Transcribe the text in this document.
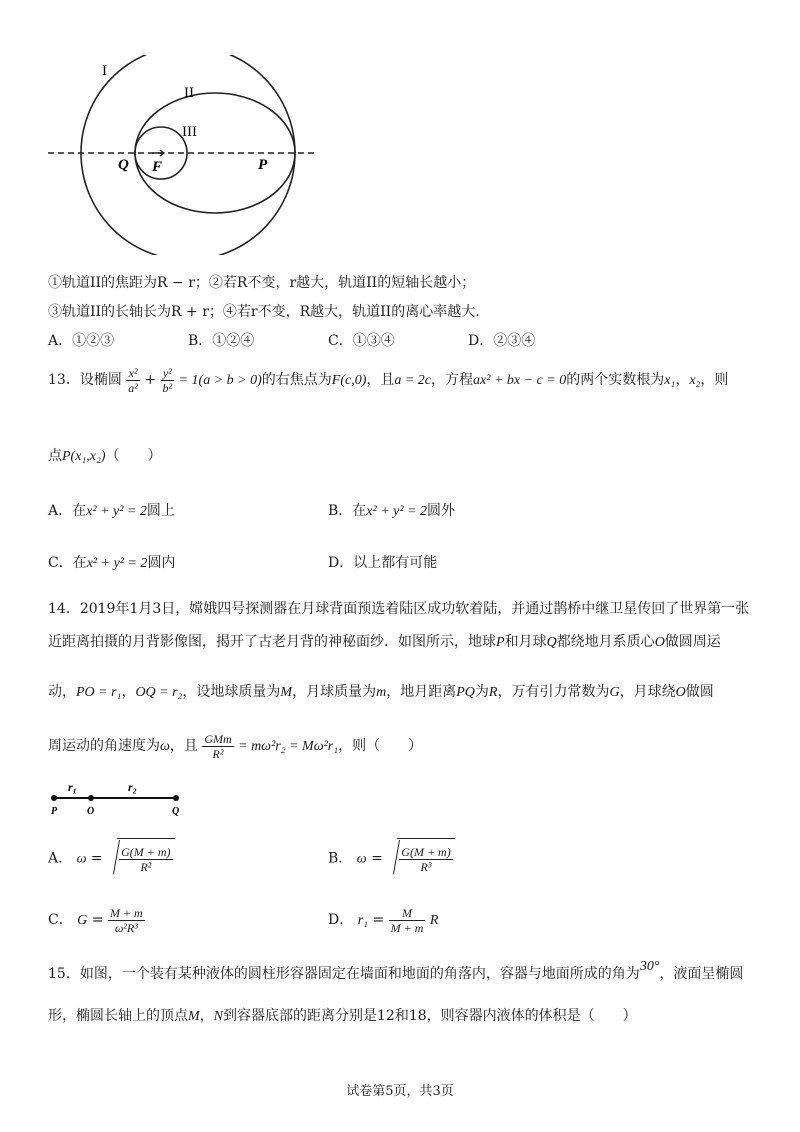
I
II
III
Q F	P
①轨道II的焦距为R − r；②若R不变，r越大，轨道II的短轴长越小；
③轨道II的长轴长为R + r；④若r不变，R越大，轨道II的离心率越大.
A．①②③	B．①②④	C．①③④	D．②③④
13．设椭圆 $\frac{\text{x²}}{\text{a²}} + \frac{\text{y²}}{\text{b²}} = 1(a > b > 0)$的右焦点为F(c,0)，且a = 2c，方程ax² + bx − c = 0的两个实数根为x₁，x₂，则
点P(x₁,x₂)（　　）
A．在x² + y² = 2圆上	B．在x² + y² = 2圆外
C．在x² + y² = 2圆内	D．以上都有可能
14．2019年1月3日，嫦娥四号探测器在月球背面预选着陆区成功软着陆，并通过鹊桥中继卫星传回了世界第一张
近距离拍摄的月背影像图，揭开了古老月背的神秘面纱．如图所示，地球P和月球Q都绕地月系质心O做圆周运
动，PO = r₁，OQ = r₂，设地球质量为M，月球质量为m，地月距离PQ为R，万有引力常数为G，月球绕O做圆
周运动的角速度为ω，且 $\frac{\text{GMm}}{\text{R²}} = m\omega^2r_2 = M\omega^2r_1$，则（　　）
r₁	r₂
P	O	Q
A． $\omega = \frac{G(M + m)}{\text{R²}}$	B． $\omega = \frac{G(M + m)}{\text{R³}}$
C． $G = \frac{M + m}{\text{ω²R³}}$	D． $r_1 = \frac{M}{M + m}$ R
15．如图，一个装有某种液体的圆柱形容器固定在墙面和地面的角落内，容器与地面所成的角为30°，液面呈椭圆
形，椭圆长轴上的顶点M，N到容器底部的距离分别是12和18，则容器内液体的体积是（　　）
试卷第5页，共3页
